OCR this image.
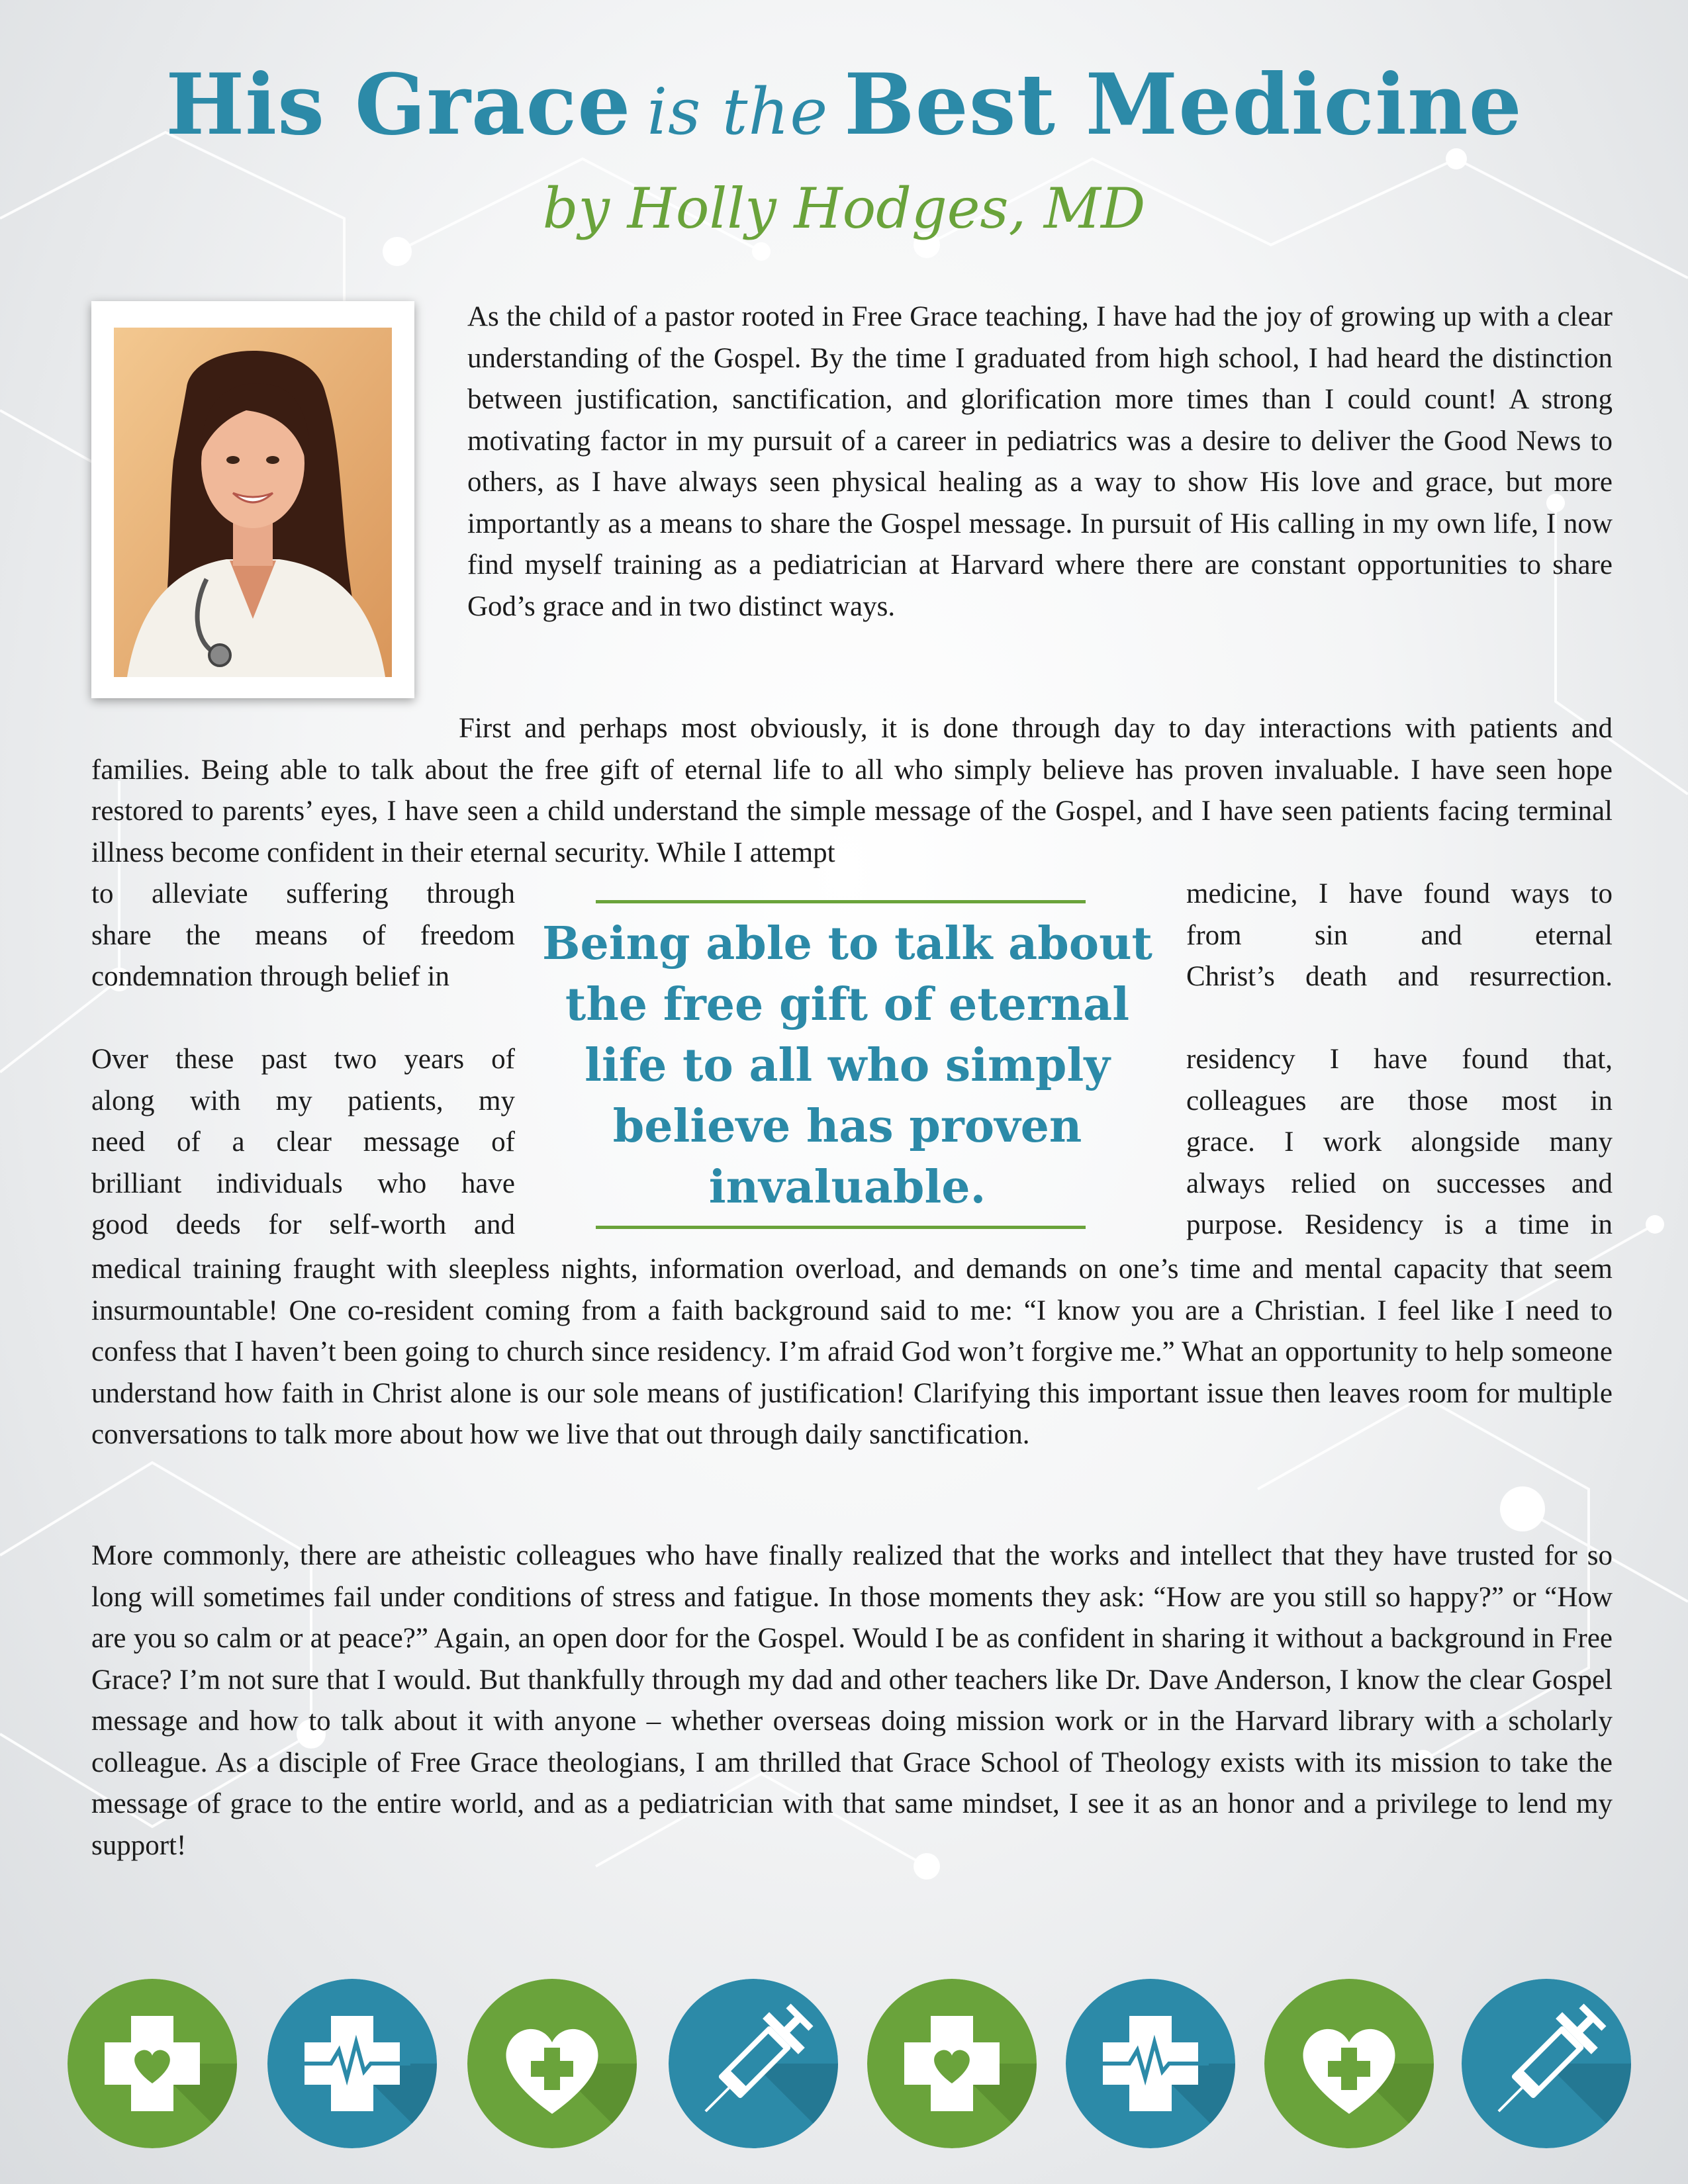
His Grace is the Best Medicine
by Holly Hodges, MD

As the child of a pastor rooted in Free Grace teaching, I have had the joy of growing up with a clear understanding of the Gospel. By the time I graduated from high school, I had heard the distinction between justification, sanctification, and glorification more times than I could count! A strong motivating factor in my pursuit of a career in pediatrics was a desire to deliver the Good News to others, as I have always seen physical healing as a way to show His love and grace, but more importantly as a means to share the Gospel message. In pursuit of His calling in my own life, I now find myself training as a pediatrician at Harvard where there are constant opportunities to share God’s grace and in two distinct ways.

First and perhaps most obviously, it is done through day to day interactions with patients and families. Being able to talk about the free gift of eternal life to all who simply believe has proven invaluable. I have seen hope restored to parents’ eyes, I have seen a child understand the simple message of the Gospel, and I have seen patients facing terminal illness become confident in their eternal security. While I attempt

to alleviate suffering through
share the means of freedom
condemnation through belief in
medicine, I have found ways to
from sin and eternal
Christ’s death and resurrection.
Over these past two years of
along with my patients, my
need of a clear message of
brilliant individuals who have
good deeds for self-worth and
residency I have found that,
colleagues are those most in
grace. I work alongside many
always relied on successes and
purpose. Residency is a time in

medical training fraught with sleepless nights, information overload, and demands on one’s time and mental capacity that seem insurmountable! One co-resident coming from a faith background said to me: “I know you are a Christian. I feel like I need to confess that I haven’t been going to church since residency. I’m afraid God won’t forgive me.” What an opportunity to help someone understand how faith in Christ alone is our sole means of justification! Clarifying this important issue then leaves room for multiple conversations to talk more about how we live that out through daily sanctification.

More commonly, there are atheistic colleagues who have finally realized that the works and intellect that they have trusted for so long will sometimes fail under conditions of stress and fatigue. In those moments they ask: “How are you still so happy?” or “How are you so calm or at peace?” Again, an open door for the Gospel. Would I be as confident in sharing it without a background in Free Grace? I’m not sure that I would. But thankfully through my dad and other teachers like Dr. Dave Anderson, I know the clear Gospel message and how to talk about it with anyone – whether overseas doing mission work or in the Harvard library with a scholarly colleague. As a disciple of Free Grace theologians, I am thrilled that Grace School of Theology exists with its mission to take the message of grace to the entire world, and as a pediatrician with that same mindset, I see it as an honor and a privilege to lend my support!

Being able to talk about the free gift of eternal life to all who simply believe has proven invaluable.
